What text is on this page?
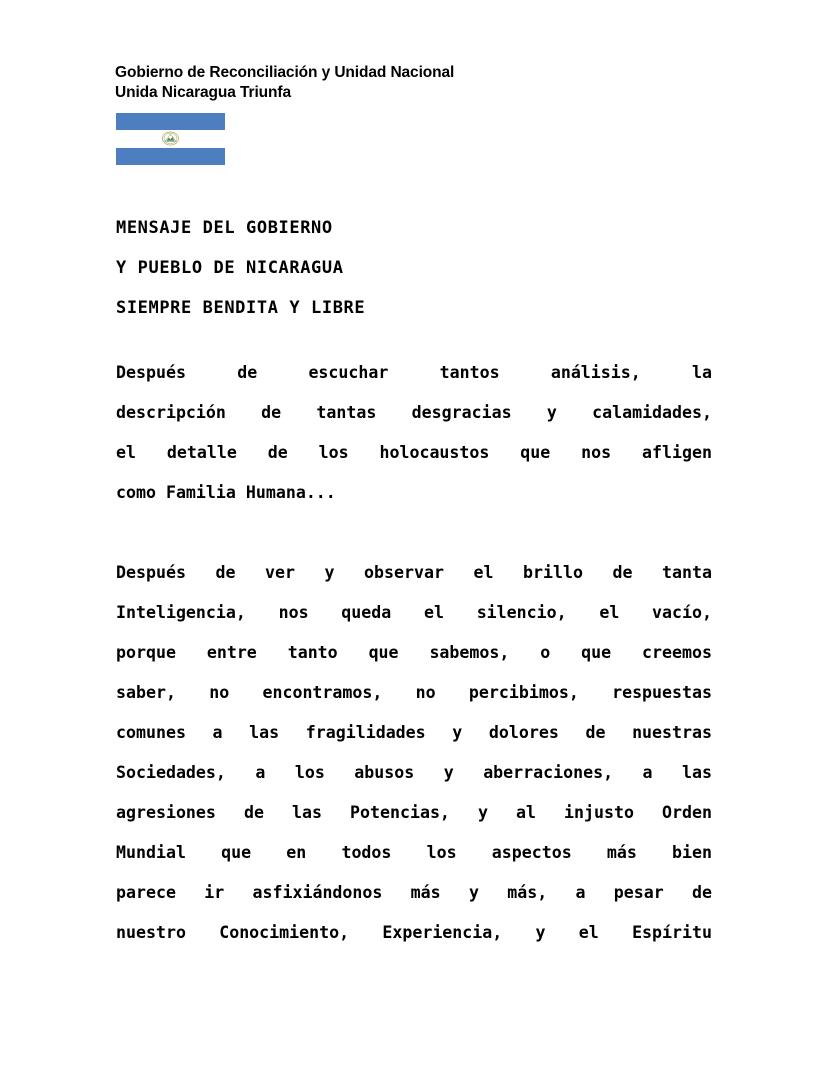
Gobierno de Reconciliación y Unidad Nacional
Unida Nicaragua Triunfa
MENSAJE DEL GOBIERNO
Y PUEBLO DE NICARAGUA
SIEMPRE BENDITA Y LIBRE

Después de escuchar tantos análisis, la
descripción de tantas desgracias y calamidades,
el detalle de los holocaustos que nos afligen
como Familia Humana...

Después de ver y observar el brillo de tanta
Inteligencia, nos queda el silencio, el vacío,
porque entre tanto que sabemos, o que creemos
saber, no encontramos, no percibimos, respuestas
comunes a las fragilidades y dolores de nuestras
Sociedades, a los abusos y aberraciones, a las
agresiones de las Potencias, y al injusto Orden
Mundial que en todos los aspectos más bien
parece ir asfixiándonos más y más, a pesar de
nuestro Conocimiento, Experiencia, y el Espíritu
